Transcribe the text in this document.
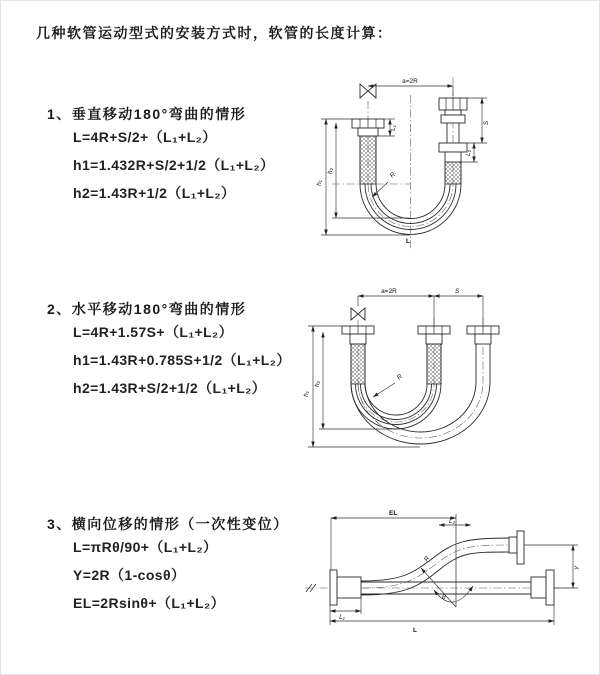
几种软管运动型式的安装方式时，软管的长度计算：
1、垂直移动180°弯曲的情形
L=4R+S/2+（L₁+L₂）
h1=1.432R+S/2+1/2（L₁+L₂）
h2=1.43R+1/2（L₁+L₂）
a=2R
S
L₂
L₁
h₁
h₂
R
L
2、水平移动180°弯曲的情形
L=4R+1.57S+（L₁+L₂）
h1=1.43R+0.785S+1/2（L₁+L₂）
h2=1.43R+S/2+1/2（L₁+L₂）
a=2R	S
h₁
h₂
R
3、横向位移的情形（一次性变位）
L=πRθ/90+（L₁+L₂）
Y=2R（1-cosθ）
EL=2Rsinθ+（L₁+L₂）
EL
L₂
Y
L₁
L
R
θ
